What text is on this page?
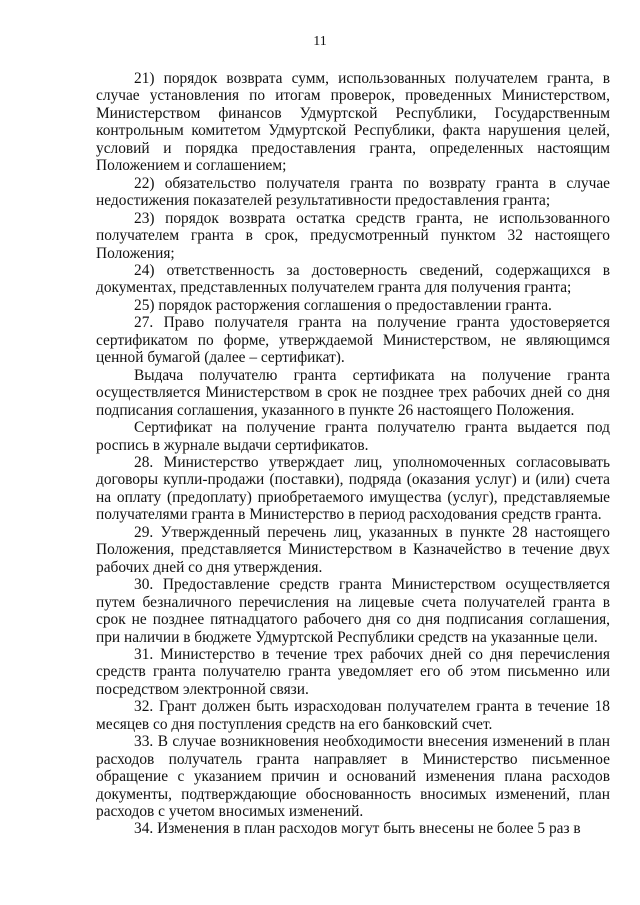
11

21) порядок возврата сумм, использованных получателем гранта, в случае установления по итогам проверок, проведенных Министерством, Министерством финансов Удмуртской Республики, Государственным контрольным комитетом Удмуртской Республики, факта нарушения целей, условий и порядка предоставления гранта, определенных настоящим Положением и соглашением;

22) обязательство получателя гранта по возврату гранта в случае недостижения показателей результативности предоставления гранта;

23) порядок возврата остатка средств гранта, не использованного получателем гранта в срок, предусмотренный пунктом 32 настоящего Положения;

24) ответственность за достоверность сведений, содержащихся в документах, представленных получателем гранта для получения гранта;

25) порядок расторжения соглашения о предоставлении гранта.

27. Право получателя гранта на получение гранта удостоверяется сертификатом по форме, утверждаемой Министерством, не являющимся ценной бумагой (далее – сертификат).

Выдача получателю гранта сертификата на получение гранта осуществляется Министерством в срок не позднее трех рабочих дней со дня подписания соглашения, указанного в пункте 26 настоящего Положения.

Сертификат на получение гранта получателю гранта выдается под роспись в журнале выдачи сертификатов.

28. Министерство утверждает лиц, уполномоченных согласовывать договоры купли-продажи (поставки), подряда (оказания услуг) и (или) счета на оплату (предоплату) приобретаемого имущества (услуг), представляемые получателями гранта в Министерство в период расходования средств гранта.

29. Утвержденный перечень лиц, указанных в пункте 28 настоящего Положения, представляется Министерством в Казначейство в течение двух рабочих дней со дня утверждения.

30. Предоставление средств гранта Министерством осуществляется путем безналичного перечисления на лицевые счета получателей гранта в срок не позднее пятнадцатого рабочего дня со дня подписания соглашения, при наличии в бюджете Удмуртской Республики средств на указанные цели.

31. Министерство в течение трех рабочих дней со дня перечисления средств гранта получателю гранта уведомляет его об этом письменно или посредством электронной связи.

32. Грант должен быть израсходован получателем гранта в течение 18 месяцев со дня поступления средств на его банковский счет.

33. В случае возникновения необходимости внесения изменений в план расходов получатель гранта направляет в Министерство письменное обращение с указанием причин и оснований изменения плана расходов документы, подтверждающие обоснованность вносимых изменений, план расходов с учетом вносимых изменений.

34. Изменения в план расходов могут быть внесены не более 5 раз в
